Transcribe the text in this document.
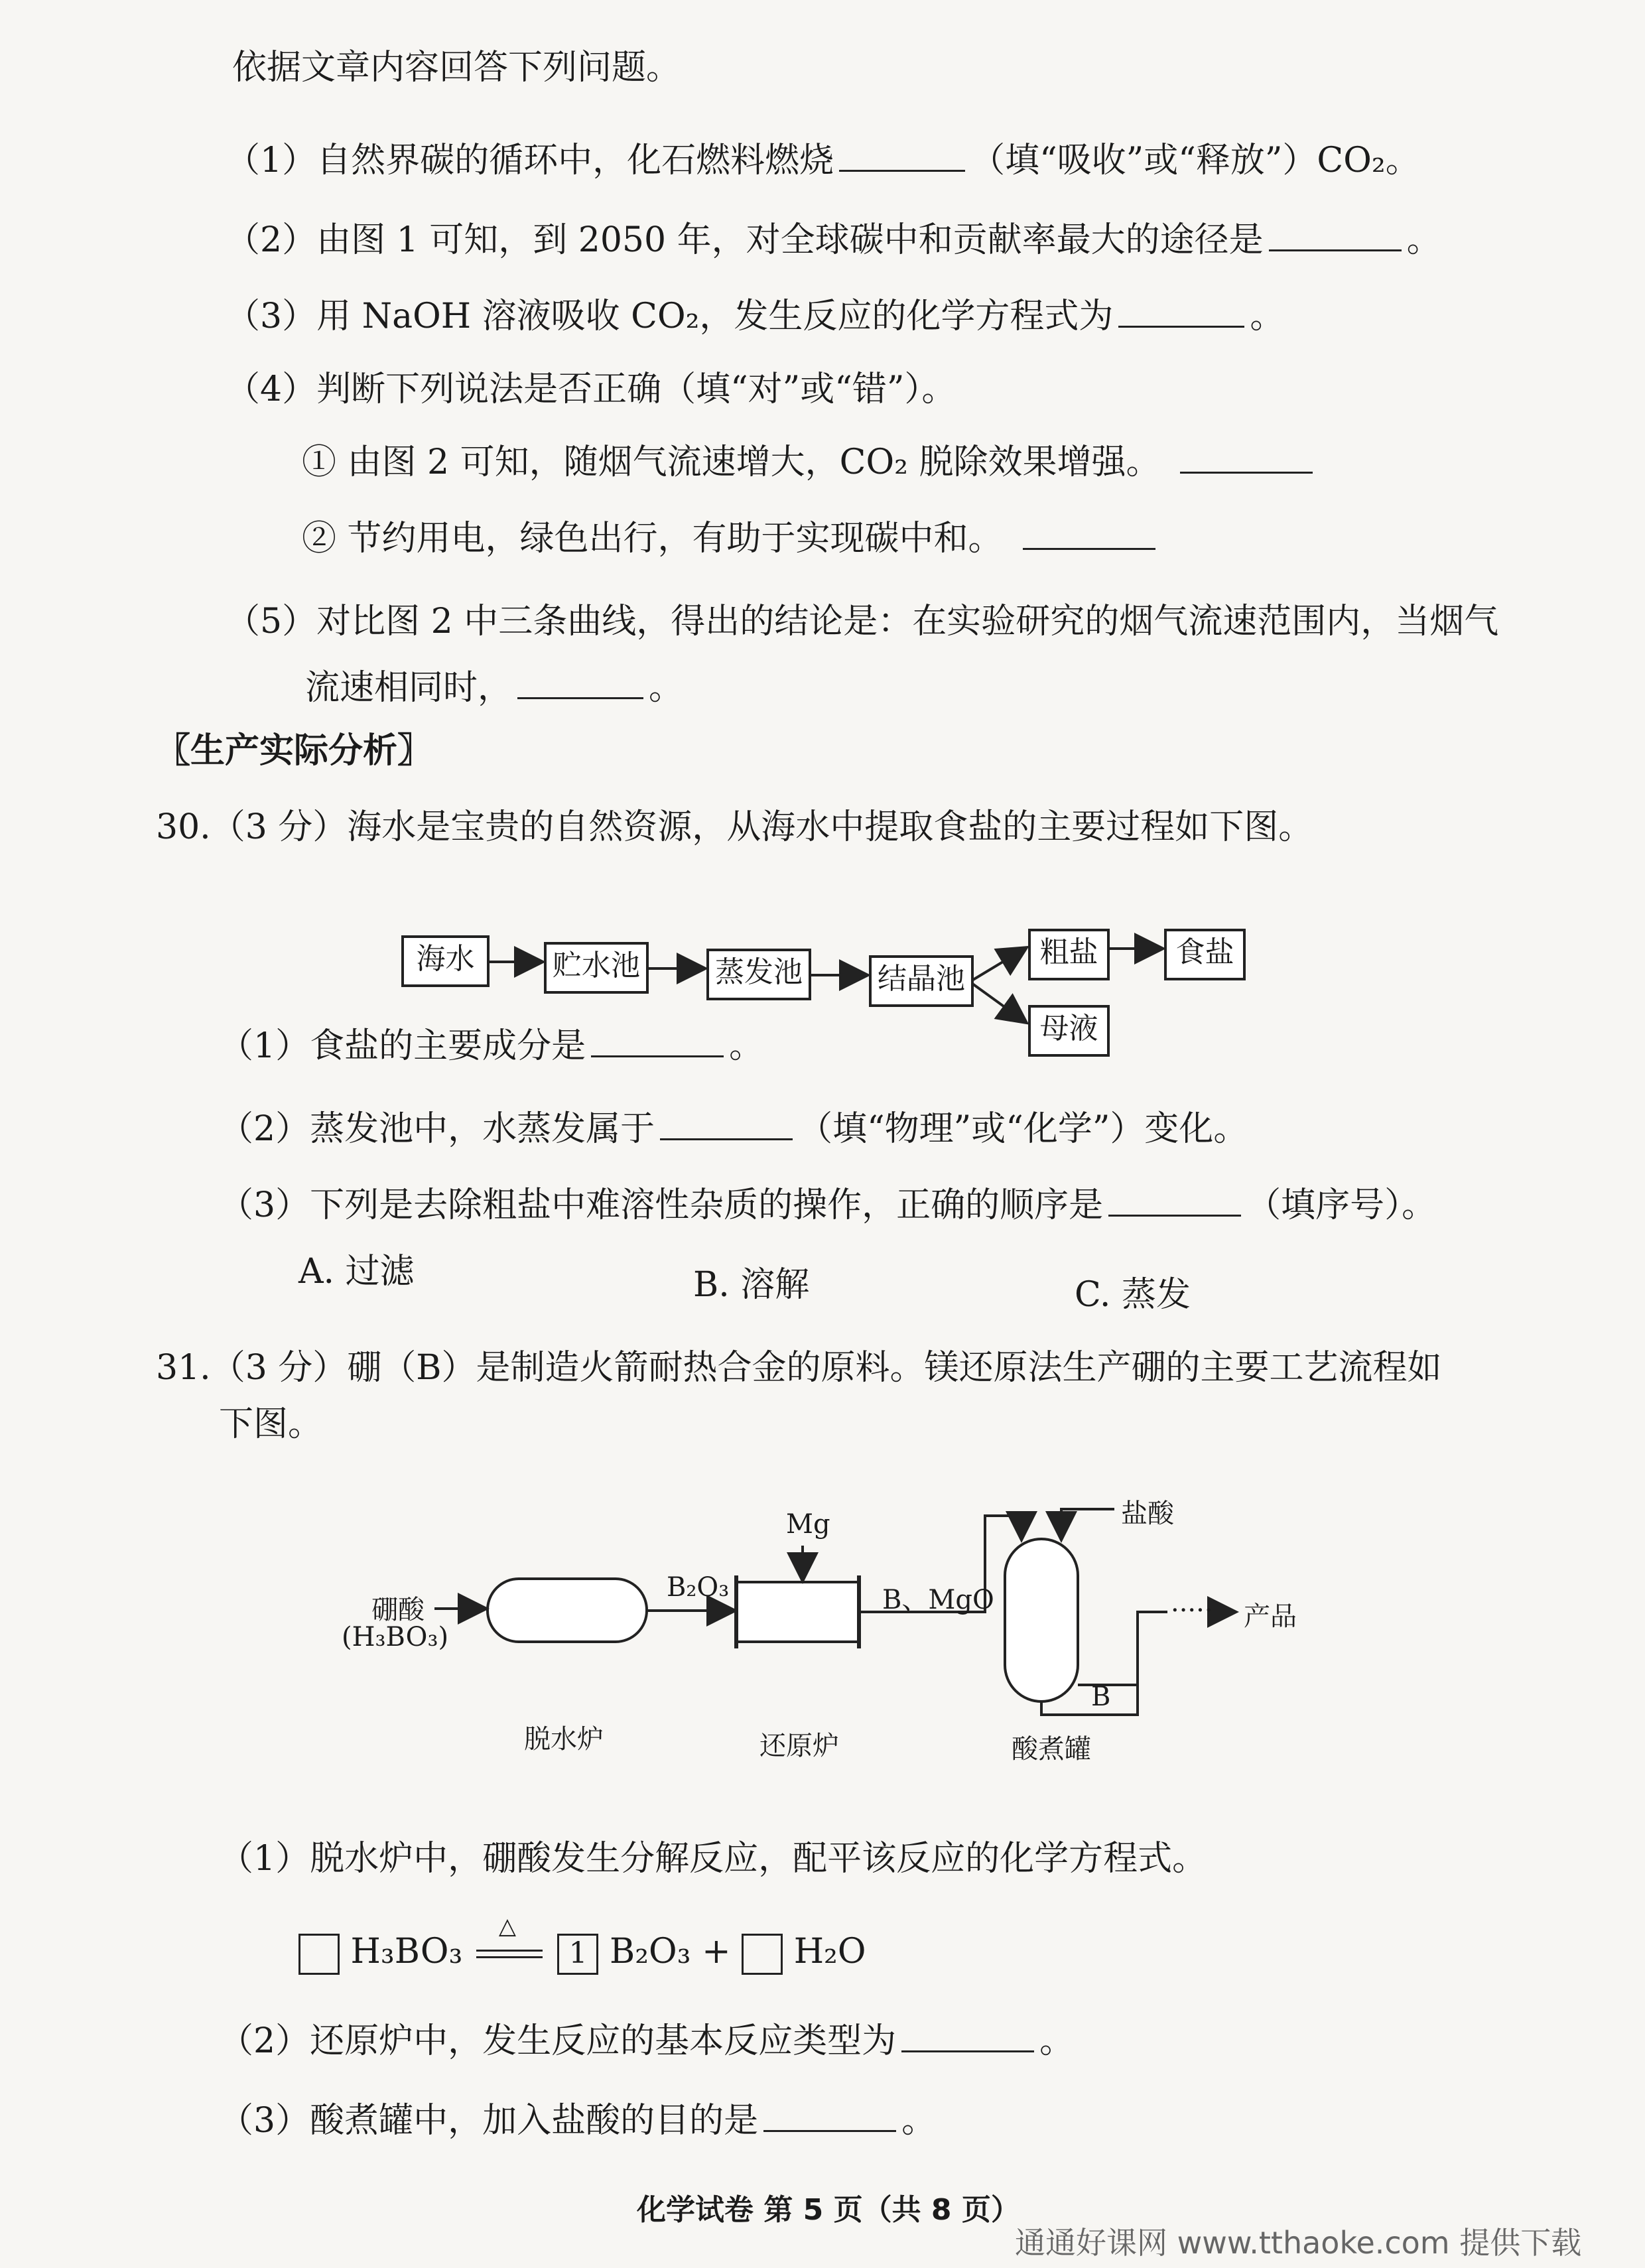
依据文章内容回答下列问题。
（1）自然界碳的循环中，化石燃料燃烧	（填“吸收”或“释放”）CO₂。
（2）由图 1 可知，到 2050 年，对全球碳中和贡献率最大的途径是	。
（3）用 NaOH 溶液吸收 CO₂，发生反应的化学方程式为	。
（4）判断下列说法是否正确（填“对”或“错”）。
① 由图 2 可知，随烟气流速增大，CO₂ 脱除效果增强。
② 节约用电，绿色出行，有助于实现碳中和。
（5）对比图 2 中三条曲线，得出的结论是：在实验研究的烟气流速范围内，当烟气
流速相同时，	。
〖生产实际分析〗
30.（3 分）海水是宝贵的自然资源，从海水中提取食盐的主要过程如下图。
海水	贮水池	蒸发池	结晶池
粗盐	食盐
母液
（1）食盐的主要成分是	。
（2）蒸发池中，水蒸发属于	（填“物理”或“化学”）变化。
（3）下列是去除粗盐中难溶性杂质的操作，正确的顺序是	（填序号）。
A. 过滤	B. 溶解	C. 蒸发
31.（3 分）硼（B）是制造火箭耐热合金的原料。镁还原法生产硼的主要工艺流程如
下图。
硼酸
(H₃BO₃)
B₂O₃
Mg
B、MgO
盐酸
····· 产品
B
脱水炉	还原炉	酸煮罐
（1）脱水炉中，硼酸发生分解反应，配平该反应的化学方程式。
H₃BO₃
△
1 B₂O₃ + H₂O
（2）还原炉中，发生反应的基本反应类型为	。
（3）酸煮罐中，加入盐酸的目的是	。
化学试卷 第 5 页（共 8 页）
通通好课网 www.tthaoke.com 提供下载
